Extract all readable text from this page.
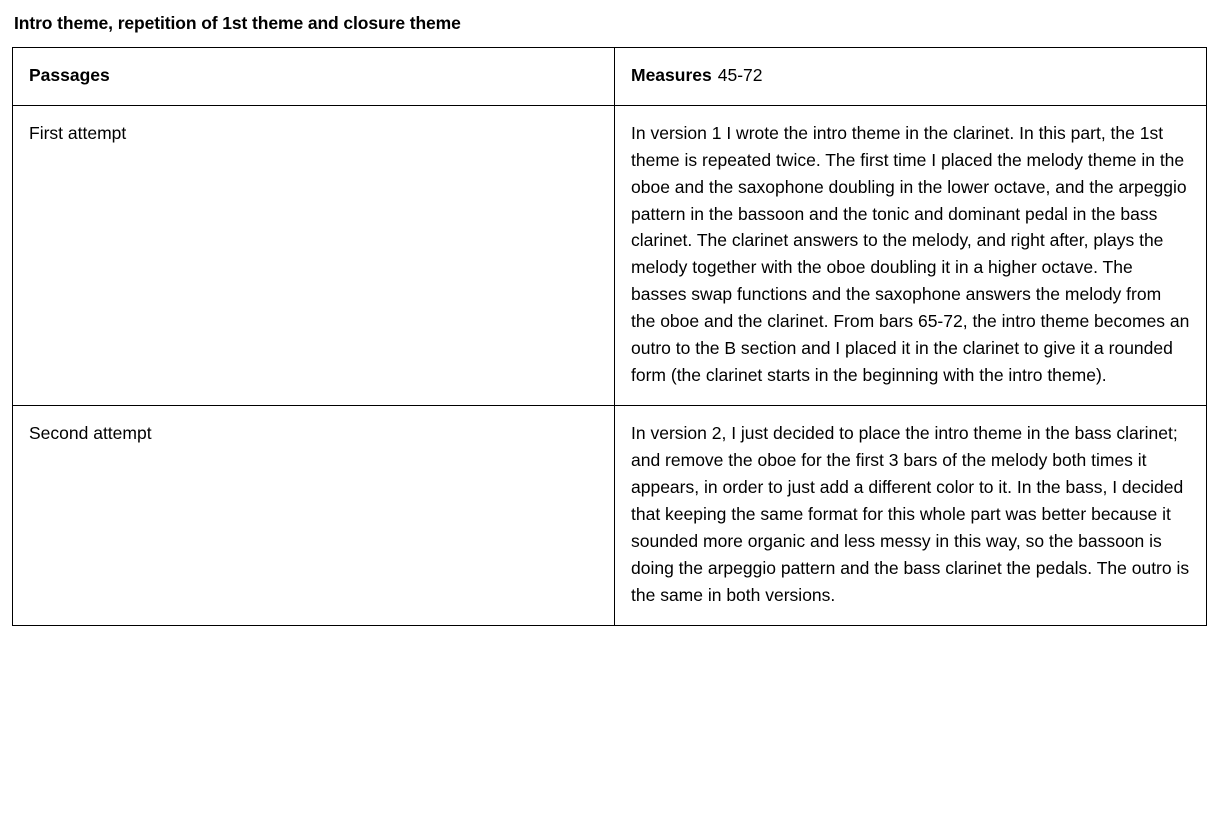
Intro theme, repetition of 1st theme and closure theme
Passages	Measures 45-72
First attempt	In version 1 I wrote the intro theme in the clarinet. In this part, the 1st theme is repeated twice. The first time I placed the melody theme in the oboe and the saxophone doubling in the lower octave, and the arpeggio pattern in the bassoon and the tonic and dominant pedal in the bass clarinet. The clarinet answers to the melody, and right after, plays the melody together with the oboe doubling it in a higher octave. The basses swap functions and the saxophone answers the melody from the oboe and the clarinet. From bars 65-72, the intro theme becomes an outro to the B section and I placed it in the clarinet to give it a rounded form (the clarinet starts in the beginning with the intro theme).
Second attempt	In version 2, I just decided to place the intro theme in the bass clarinet; and remove the oboe for the first 3 bars of the melody both times it appears, in order to just add a different color to it. In the bass, I decided that keeping the same format for this whole part was better because it sounded more organic and less messy in this way, so the bassoon is doing the arpeggio pattern and the bass clarinet the pedals. The outro is the same in both versions.
